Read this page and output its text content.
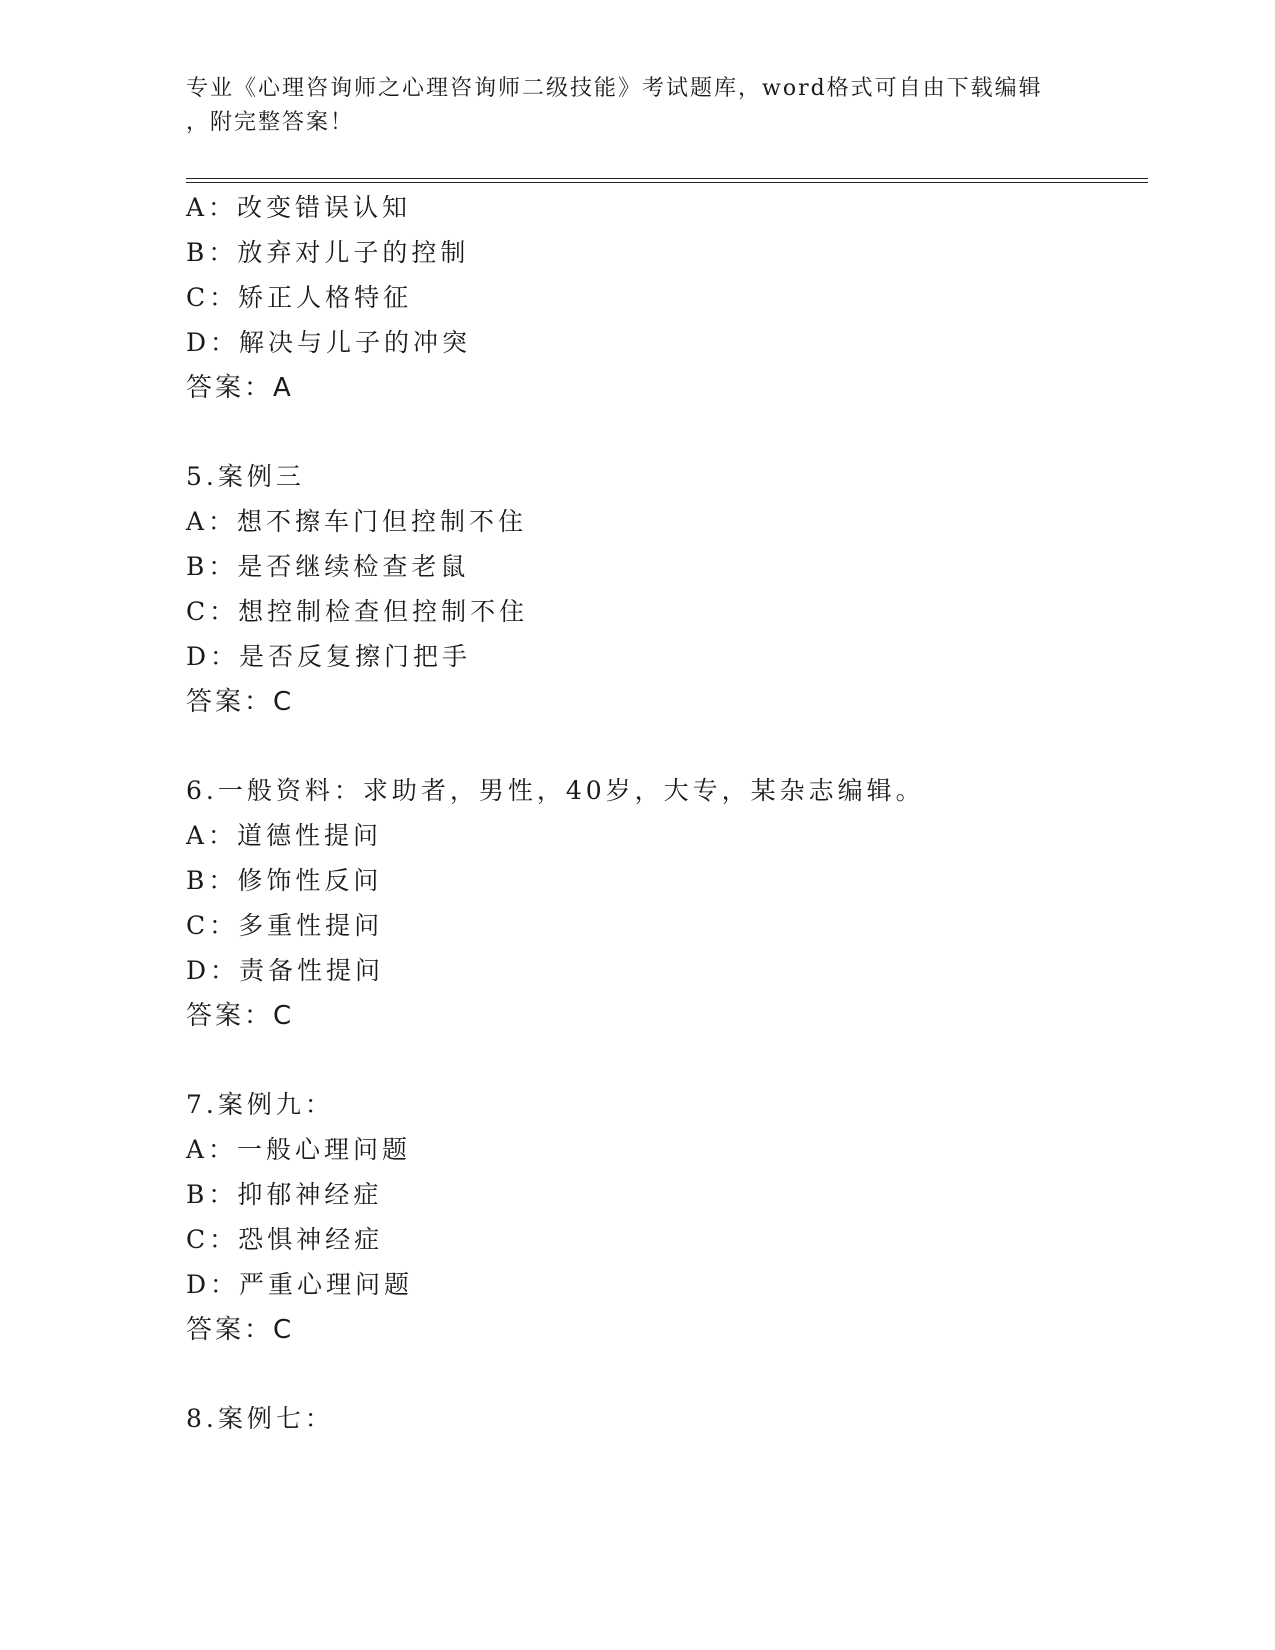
专业《心理咨询师之心理咨询师二级技能》考试题库，word格式可自由下载编辑
，附完整答案！
A：改变错误认知
B：放弃对儿子的控制
C：矫正人格特征
D：解决与儿子的冲突
答案：A
5.案例三
A：想不擦车门但控制不住
B：是否继续检查老鼠
C：想控制检查但控制不住
D：是否反复擦门把手
答案：C
6.一般资料：求助者，男性，40岁，大专，某杂志编辑。
A：道德性提问
B：修饰性反问
C：多重性提问
D：责备性提问
答案：C
7.案例九：
A：一般心理问题
B：抑郁神经症
C：恐惧神经症
D：严重心理问题
答案：C
8.案例七：
